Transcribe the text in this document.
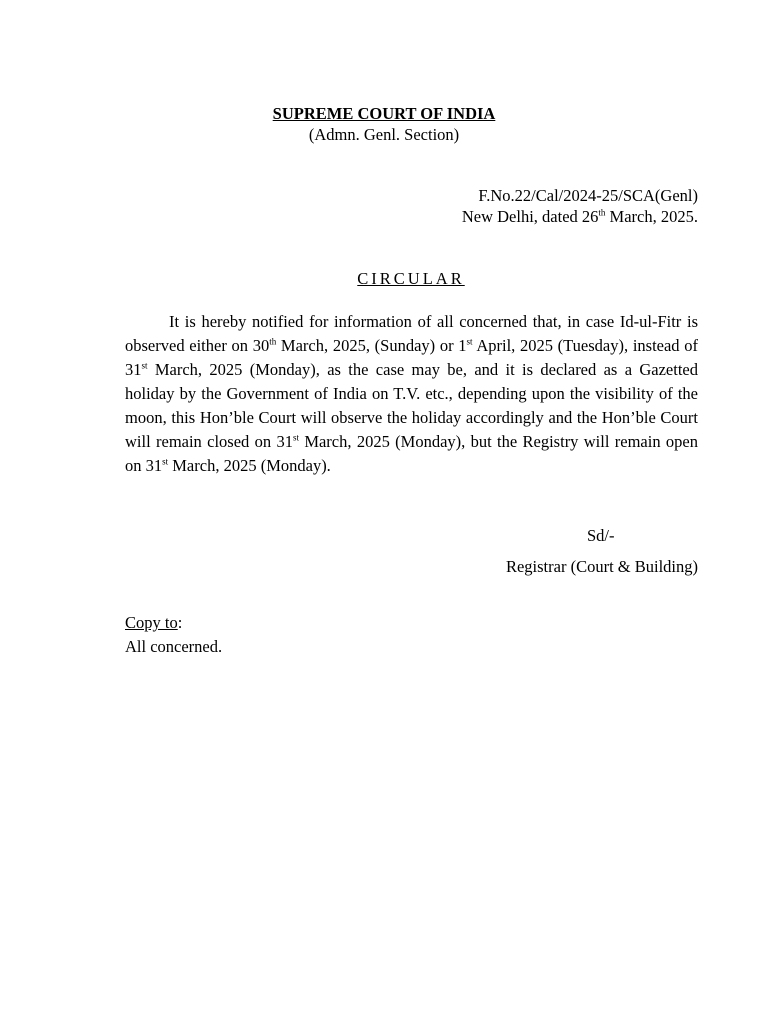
SUPREME COURT OF INDIA
(Admn. Genl. Section)
F.No.22/Cal/2024-25/SCA(Genl)
New Delhi, dated 26th March, 2025.
CIRCULAR
It is hereby notified for information of all concerned that, in case Id-ul-Fitr is observed either on 30th March, 2025, (Sunday) or 1st April, 2025 (Tuesday), instead of 31st March, 2025 (Monday), as the case may be, and it is declared as a Gazetted holiday by the Government of India on T.V. etc., depending upon the visibility of the moon, this Hon’ble Court will observe the holiday accordingly and the Hon’ble Court will remain closed on 31st March, 2025 (Monday), but the Registry will remain open on 31st March, 2025 (Monday).
Sd/-
Registrar (Court & Building)
Copy to:
All concerned.
